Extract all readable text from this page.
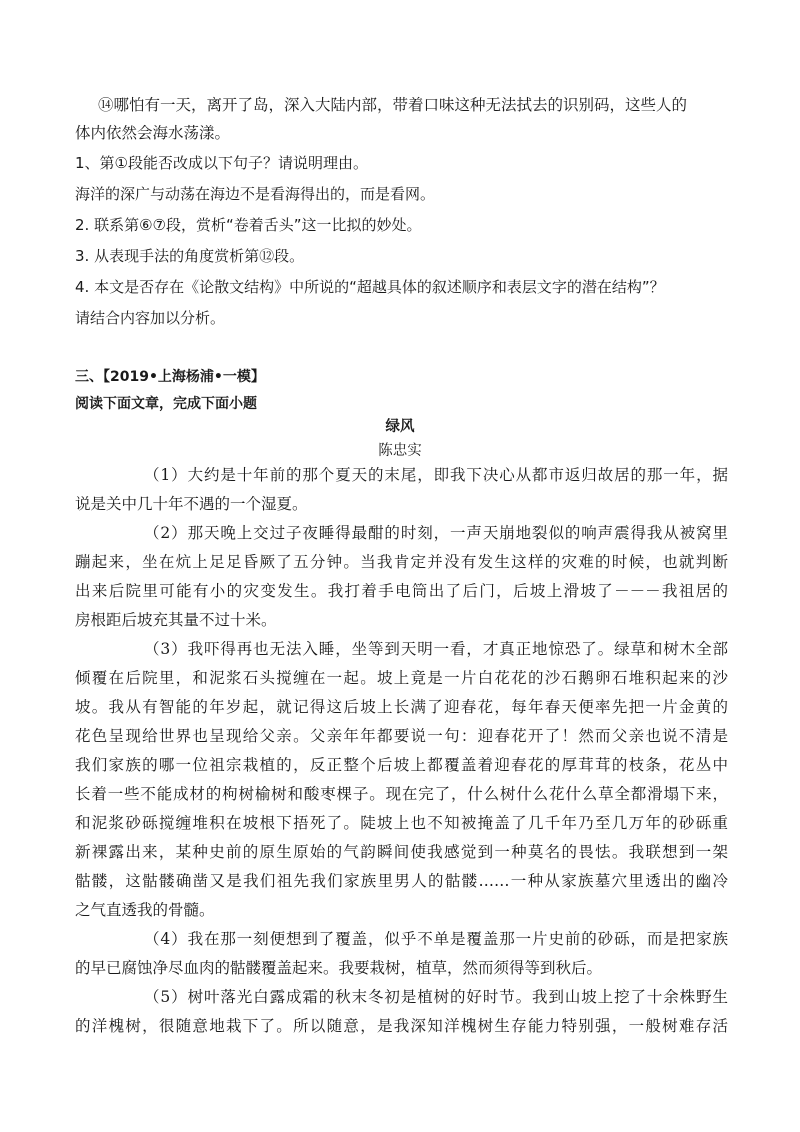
⑭哪怕有一天，离开了岛，深入大陆内部，带着口味这种无法拭去的识别码，这些人的
体内依然会海水荡漾。
1、第①段能否改成以下句子？请说明理由。
海洋的深广与动荡在海边不是看海得出的，而是看网。
2. 联系第⑥⑦段，赏析“卷着舌头”这一比拟的妙处。
3. 从表现手法的角度赏析第⑫段。
4. 本文是否存在《论散文结构》中所说的“超越具体的叙述顺序和表层文字的潜在结构”？
请结合内容加以分析。
三、【2019•上海杨浦•一模】
阅读下面文章，完成下面小题
绿风
陈忠实
（1）大约是十年前的那个夏天的末尾，即我下决心从都市返归故居的那一年，据
说是关中几十年不遇的一个湿夏。
（2）那天晚上交过子夜睡得最酣的时刻，一声天崩地裂似的响声震得我从被窝里
蹦起来，坐在炕上足足昏厥了五分钟。当我肯定并没有发生这样的灾难的时候，也就判断
出来后院里可能有小的灾变发生。我打着手电筒出了后门，后坡上滑坡了－－－我祖居的
房根距后坡充其量不过十米。
（3）我吓得再也无法入睡，坐等到天明一看，才真正地惊恐了。绿草和树木全部
倾覆在后院里，和泥浆石头搅缠在一起。坡上竟是一片白花花的沙石鹅卵石堆积起来的沙
坡。我从有智能的年岁起，就记得这后坡上长满了迎春花，每年春天便率先把一片金黄的
花色呈现给世界也呈现给父亲。父亲年年都要说一句：迎春花开了！然而父亲也说不清是
我们家族的哪一位祖宗栽植的，反正整个后坡上都覆盖着迎春花的厚茸茸的枝条，花丛中
长着一些不能成材的枸树榆树和酸枣棵子。现在完了，什么树什么花什么草全都滑塌下来，
和泥浆砂砾搅缠堆积在坡根下捂死了。陡坡上也不知被掩盖了几千年乃至几万年的砂砾重
新裸露出来，某种史前的原生原始的气韵瞬间使我感觉到一种莫名的畏怯。我联想到一架
骷髅，这骷髅确凿又是我们祖先我们家族里男人的骷髅……一种从家族墓穴里透出的幽冷
之气直透我的骨髓。
（4）我在那一刻便想到了覆盖，似乎不单是覆盖那一片史前的砂砾，而是把家族
的早已腐蚀净尽血肉的骷髅覆盖起来。我要栽树，植草，然而须得等到秋后。
（5）树叶落光白露成霜的秋末冬初是植树的好时节。我到山坡上挖了十余株野生
的洋槐树，很随意地栽下了。所以随意，是我深知洋槐树生存能力特别强，一般树难存活
